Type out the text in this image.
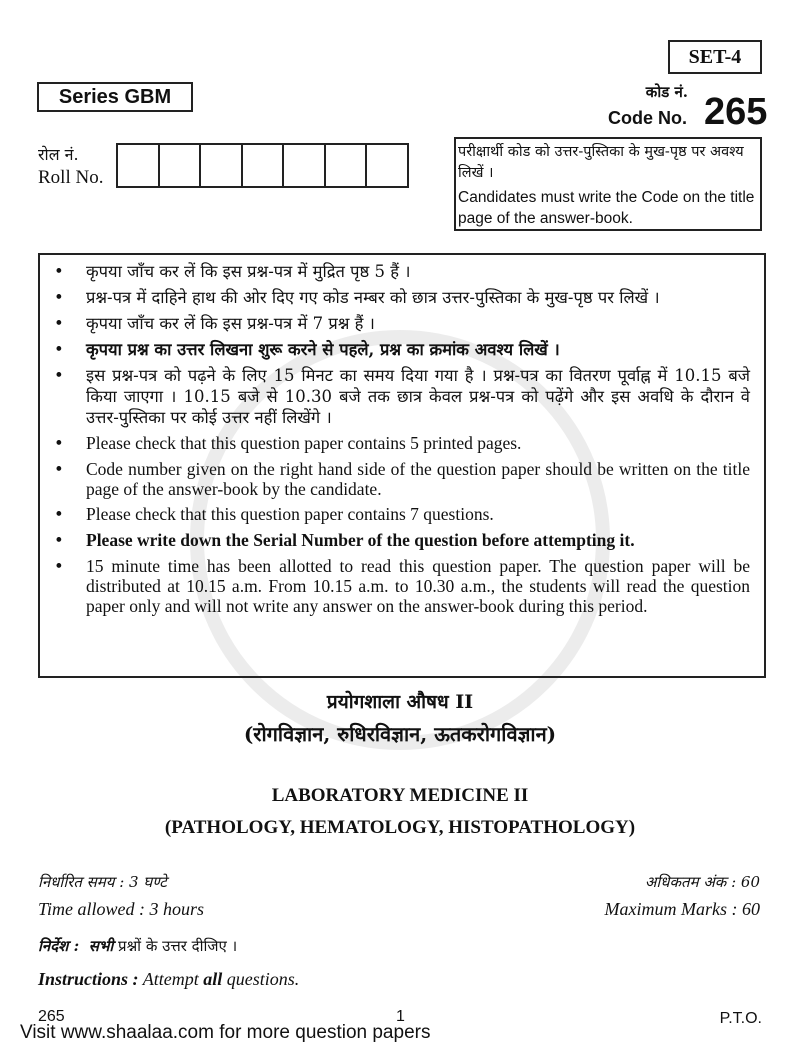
SET-4
Series GBM	कोड नं.
Code No. 265
रोल नं.
Roll No.
परीक्षार्थी कोड को उत्तर-पुस्तिका के मुख-पृष्ठ पर अवश्य लिखें ।
Candidates must write the Code on the title page of the answer-book.
•	कृपया जाँच कर लें कि इस प्रश्न-पत्र में मुद्रित पृष्ठ 5 हैं ।
•	प्रश्न-पत्र में दाहिने हाथ की ओर दिए गए कोड नम्बर को छात्र उत्तर-पुस्तिका के मुख-पृष्ठ पर लिखें ।
•	कृपया जाँच कर लें कि इस प्रश्न-पत्र में 7 प्रश्न हैं ।
•	कृपया प्रश्न का उत्तर लिखना शुरू करने से पहले, प्रश्न का क्रमांक अवश्य लिखें ।
•	इस प्रश्न-पत्र को पढ़ने के लिए 15 मिनट का समय दिया गया है । प्रश्न-पत्र का वितरण पूर्वाह्न में 10.15 बजे किया जाएगा । 10.15 बजे से 10.30 बजे तक छात्र केवल प्रश्न-पत्र को पढ़ेंगे और इस अवधि के दौरान वे उत्तर-पुस्तिका पर कोई उत्तर नहीं लिखेंगे ।
•	Please check that this question paper contains 5 printed pages.
•	Code number given on the right hand side of the question paper should be written on the title page of the answer-book by the candidate.
•	Please check that this question paper contains 7 questions.
•	Please write down the Serial Number of the question before attempting it.
•	15 minute time has been allotted to read this question paper. The question paper will be distributed at 10.15 a.m. From 10.15 a.m. to 10.30 a.m., the students will read the question paper only and will not write any answer on the answer-book during this period.
प्रयोगशाला औषध II
(रोगविज्ञान, रुधिरविज्ञान, ऊतकरोगविज्ञान)
LABORATORY MEDICINE II
(PATHOLOGY, HEMATOLOGY, HISTOPATHOLOGY)
निर्धारित समय : 3 घण्टे
Time allowed : 3 hours
अधिकतम अंक : 60
Maximum Marks : 60
निर्देश : सभी प्रश्नों के उत्तर दीजिए ।
Instructions : Attempt all questions.
265	1	P.T.O.
Visit www.shaalaa.com for more question papers
